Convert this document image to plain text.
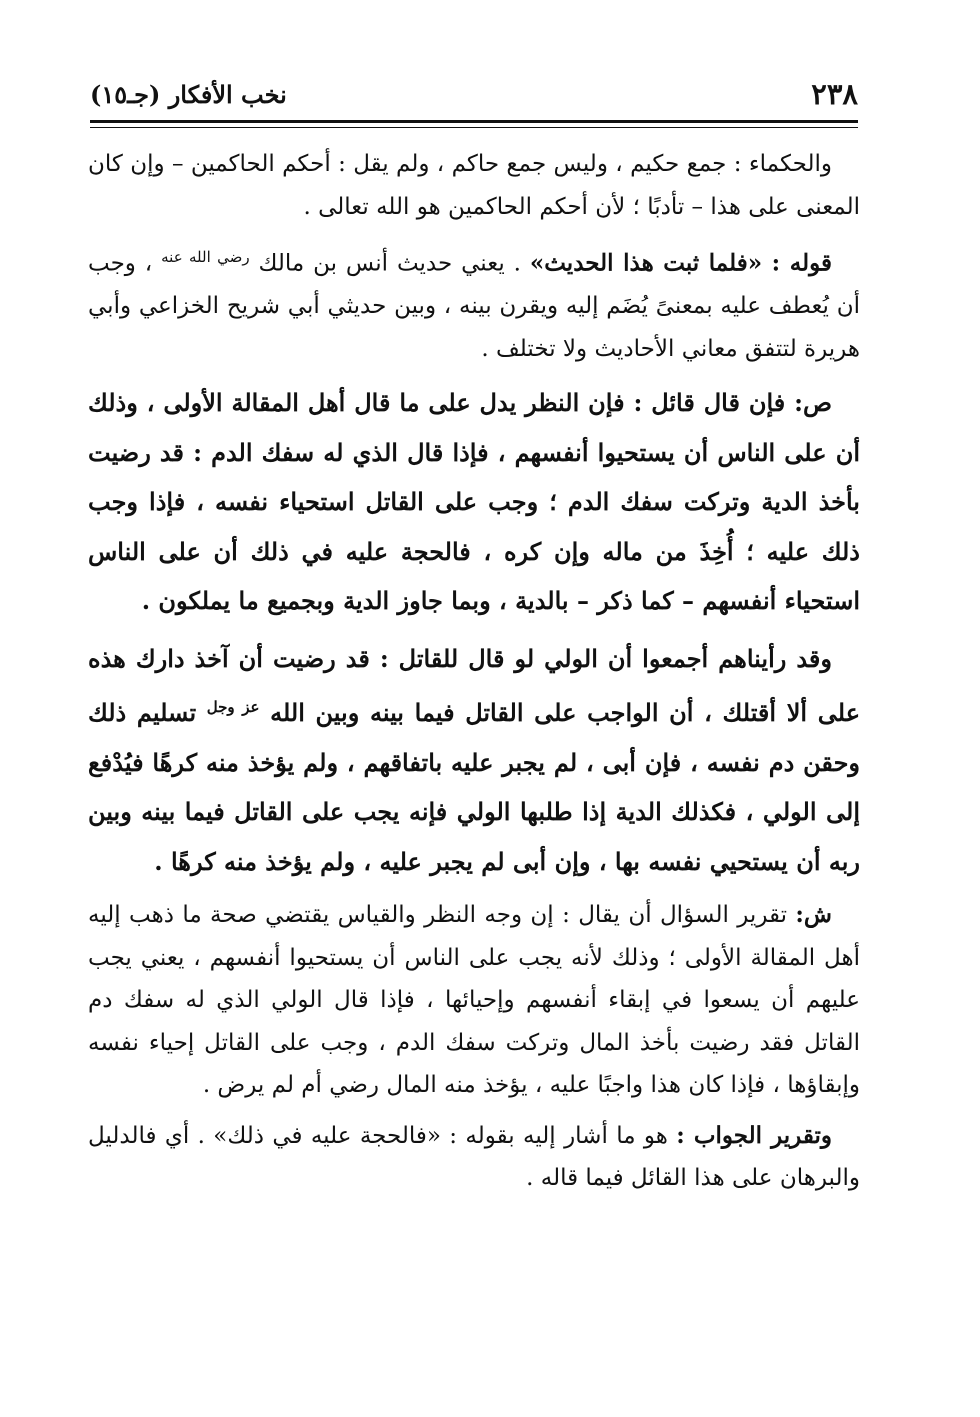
٢٣٨
نخب الأفكار (جـ١٥)

والحكماء : جمع حكيم ، وليس جمع حاكم ، ولم يقل : أحكم الحاكمين – وإن كان المعنى على هذا – تأدبًا ؛ لأن أحكم الحاكمين هو الله تعالى .

قوله : «فلما ثبت هذا الحديث» . يعني حديث أنس بن مالك $^{رضي الله عنه}$ ، وجب أن يُعطف عليه بمعنىً يُضَم إليه ويقرن بينه ، وبين حديثي أبي شريح الخزاعي وأبي هريرة لتتفق معاني الأحاديث ولا تختلف .

ص: فإن قال قائل : فإن النظر يدل على ما قال أهل المقالة الأولى ، وذلك أن على الناس أن يستحيوا أنفسهم ، فإذا قال الذي له سفك الدم : قد رضيت بأخذ الدية وتركت سفك الدم ؛ وجب على القاتل استحياء نفسه ، فإذا وجب ذلك عليه ؛ أُخِذَ من ماله وإن كره ، فالحجة عليه في ذلك أن على الناس استحياء أنفسهم – كما ذكر – بالدية ، وبما جاوز الدية وبجميع ما يملكون .

وقد رأيناهم أجمعوا أن الولي لو قال للقاتل : قد رضيت أن آخذ دارك هذه على ألا أقتلك ، أن الواجب على القاتل فيما بينه وبين الله $^{عز وجل}$ تسليم ذلك وحقن دم نفسه ، فإن أبى ، لم يجبر عليه باتفاقهم ، ولم يؤخذ منه كرهًا فيُدْفع إلى الولي ، فكذلك الدية إذا طلبها الولي فإنه يجب على القاتل فيما بينه وبين ربه أن يستحيي نفسه بها ، وإن أبى لم يجبر عليه ، ولم يؤخذ منه كرهًا .

ش: تقرير السؤال أن يقال : إن وجه النظر والقياس يقتضي صحة ما ذهب إليه أهل المقالة الأولى ؛ وذلك لأنه يجب على الناس أن يستحيوا أنفسهم ، يعني يجب عليهم أن يسعوا في إبقاء أنفسهم وإحيائها ، فإذا قال الولي الذي له سفك دم القاتل فقد رضيت بأخذ المال وتركت سفك الدم ، وجب على القاتل إحياء نفسه وإبقاؤها ، فإذا كان هذا واجبًا عليه ، يؤخذ منه المال رضي أم لم يرض .

وتقرير الجواب : هو ما أشار إليه بقوله : «فالحجة عليه في ذلك» . أي فالدليل والبرهان على هذا القائل فيما قاله .
